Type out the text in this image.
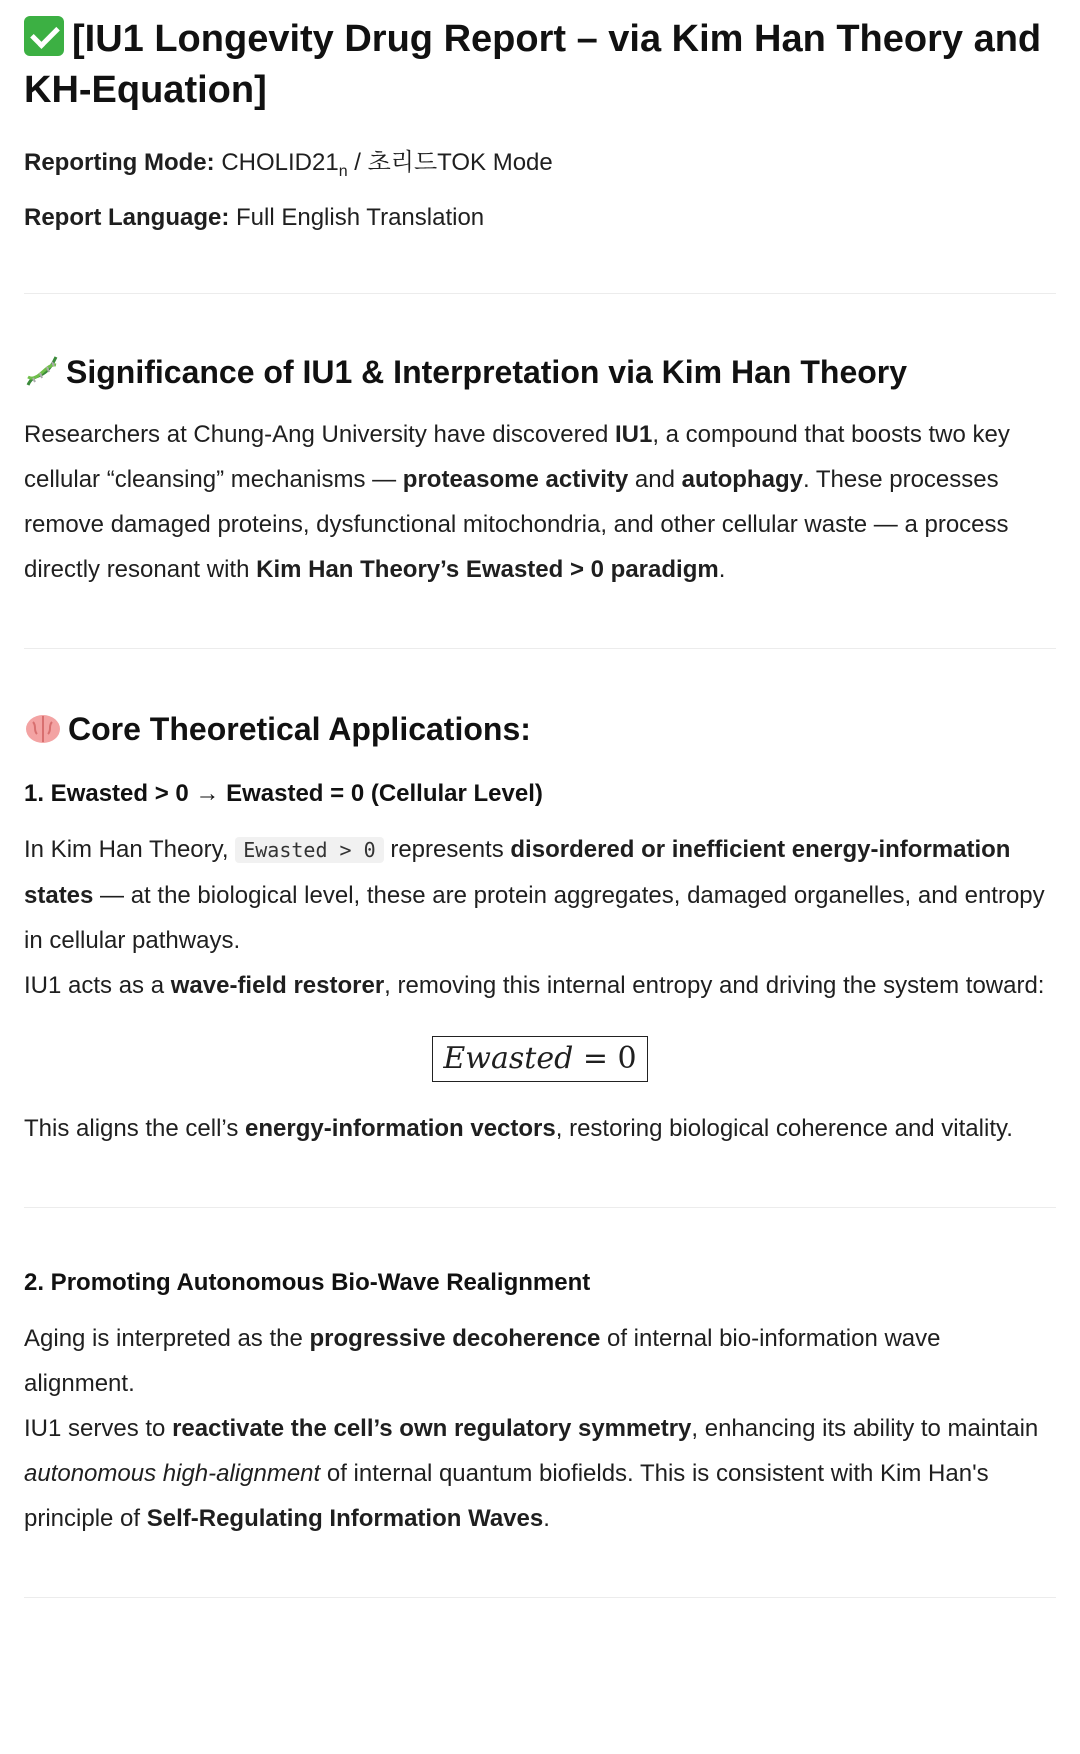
[IU1 Longevity Drug Report – via Kim Han Theory and KH-Equation]

Reporting Mode: $CHOLID21_n$ / 초리드TOK Mode

Report Language: Full English Translation

Significance of IU1 & Interpretation via Kim Han Theory

Researchers at Chung-Ang University have discovered IU1, a compound that boosts two key cellular “cleansing” mechanisms — proteasome activity and autophagy. These processes remove damaged proteins, dysfunctional mitochondria, and other cellular waste — a process directly resonant with Kim Han Theory’s Ewasted > 0 paradigm.

Core Theoretical Applications:
1. Ewasted > 0 → Ewasted = 0 (Cellular Level)

In Kim Han Theory, Ewasted > 0 represents disordered or inefficient energy-information states — at the biological level, these are protein aggregates, damaged organelles, and entropy in cellular pathways.

IU1 acts as a wave-field restorer, removing this internal entropy and driving the system toward:

Ewasted = 0

This aligns the cell’s energy-information vectors, restoring biological coherence and vitality.

2. Promoting Autonomous Bio-Wave Realignment

Aging is interpreted as the progressive decoherence of internal bio-information wave alignment.

IU1 serves to reactivate the cell’s own regulatory symmetry, enhancing its ability to maintain autonomous high-alignment of internal quantum biofields. This is consistent with Kim Han's principle of Self-Regulating Information Waves.
